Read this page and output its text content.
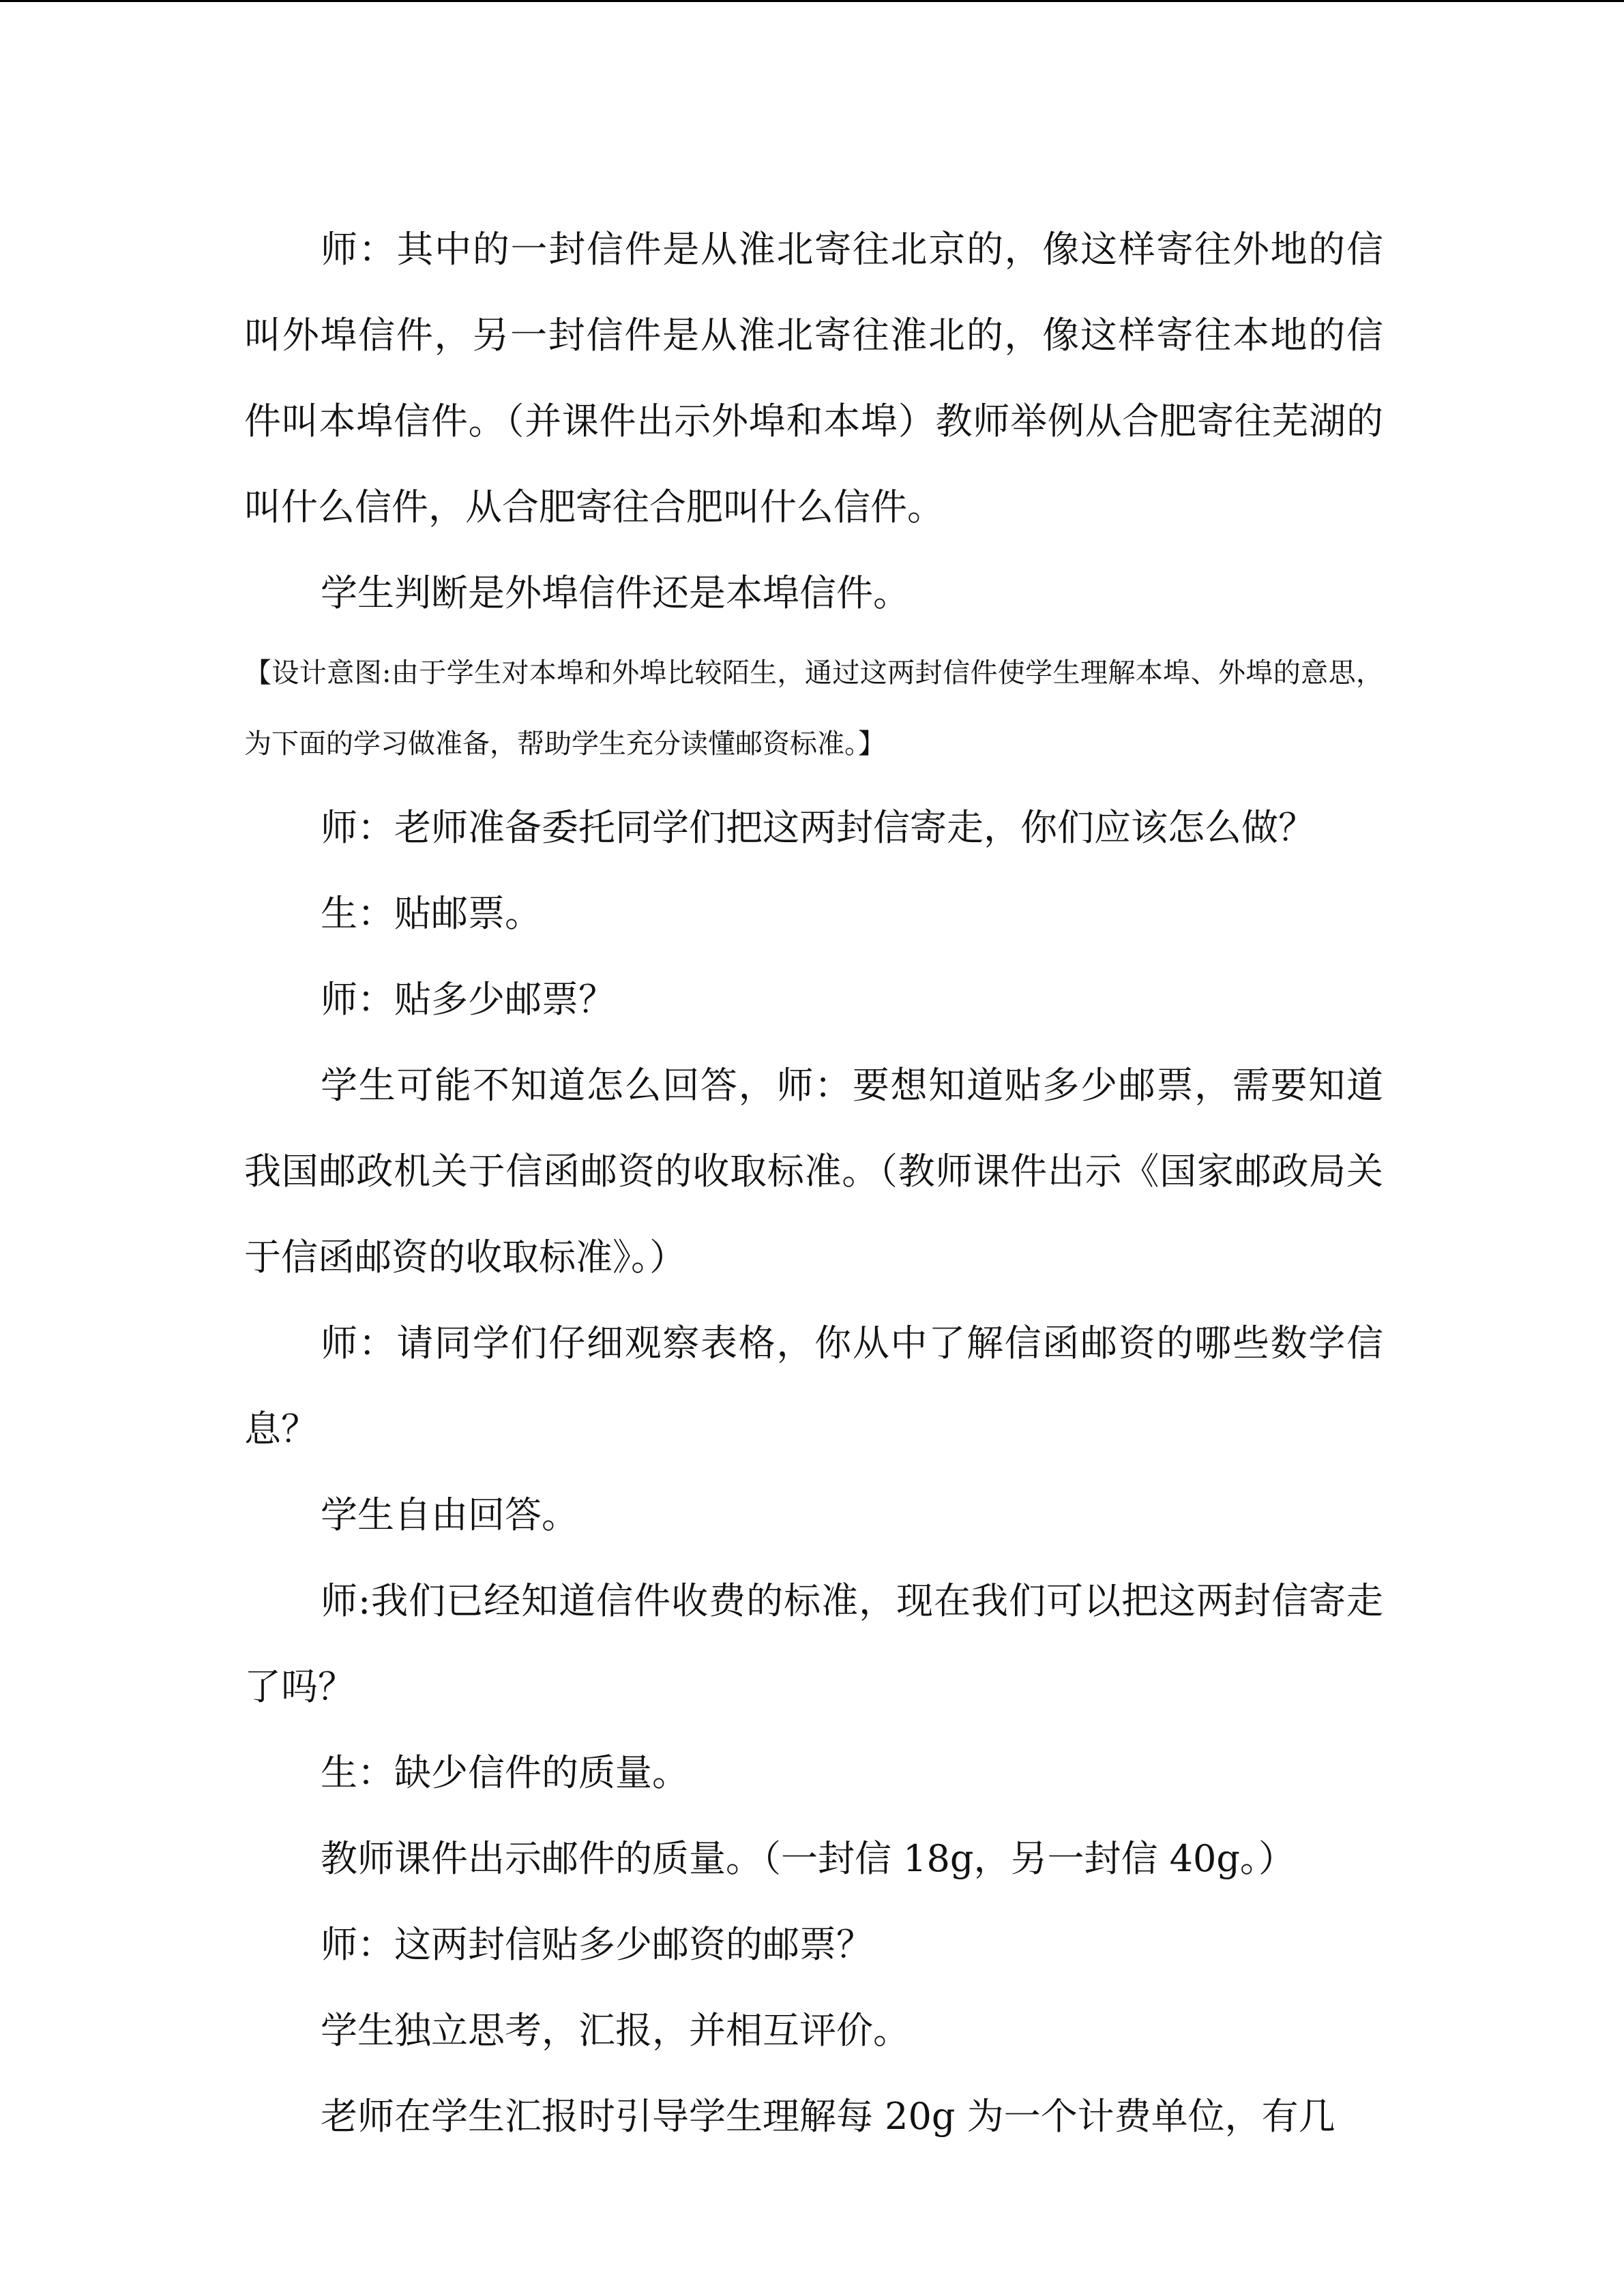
师：其中的一封信件是从淮北寄往北京的，像这样寄往外地的信叫外埠信件，另一封信件是从淮北寄往淮北的，像这样寄往本地的信件叫本埠信件。（并课件出示外埠和本埠）教师举例从合肥寄往芜湖的叫什么信件，从合肥寄往合肥叫什么信件。

学生判断是外埠信件还是本埠信件。

【设计意图:由于学生对本埠和外埠比较陌生，通过这两封信件使学生理解本埠、外埠的意思，为下面的学习做准备，帮助学生充分读懂邮资标准。】

师：老师准备委托同学们把这两封信寄走，你们应该怎么做？

生：贴邮票。

师：贴多少邮票？

学生可能不知道怎么回答，师：要想知道贴多少邮票，需要知道我国邮政机关于信函邮资的收取标准。（教师课件出示《国家邮政局关于信函邮资的收取标准》。）

师：请同学们仔细观察表格，你从中了解信函邮资的哪些数学信息？

学生自由回答。

师:我们已经知道信件收费的标准，现在我们可以把这两封信寄走了吗？

生：缺少信件的质量。

教师课件出示邮件的质量。（一封信 18g，另一封信 40g。）

师：这两封信贴多少邮资的邮票？

学生独立思考，汇报，并相互评价。

老师在学生汇报时引导学生理解每 20g 为一个计费单位，有几
